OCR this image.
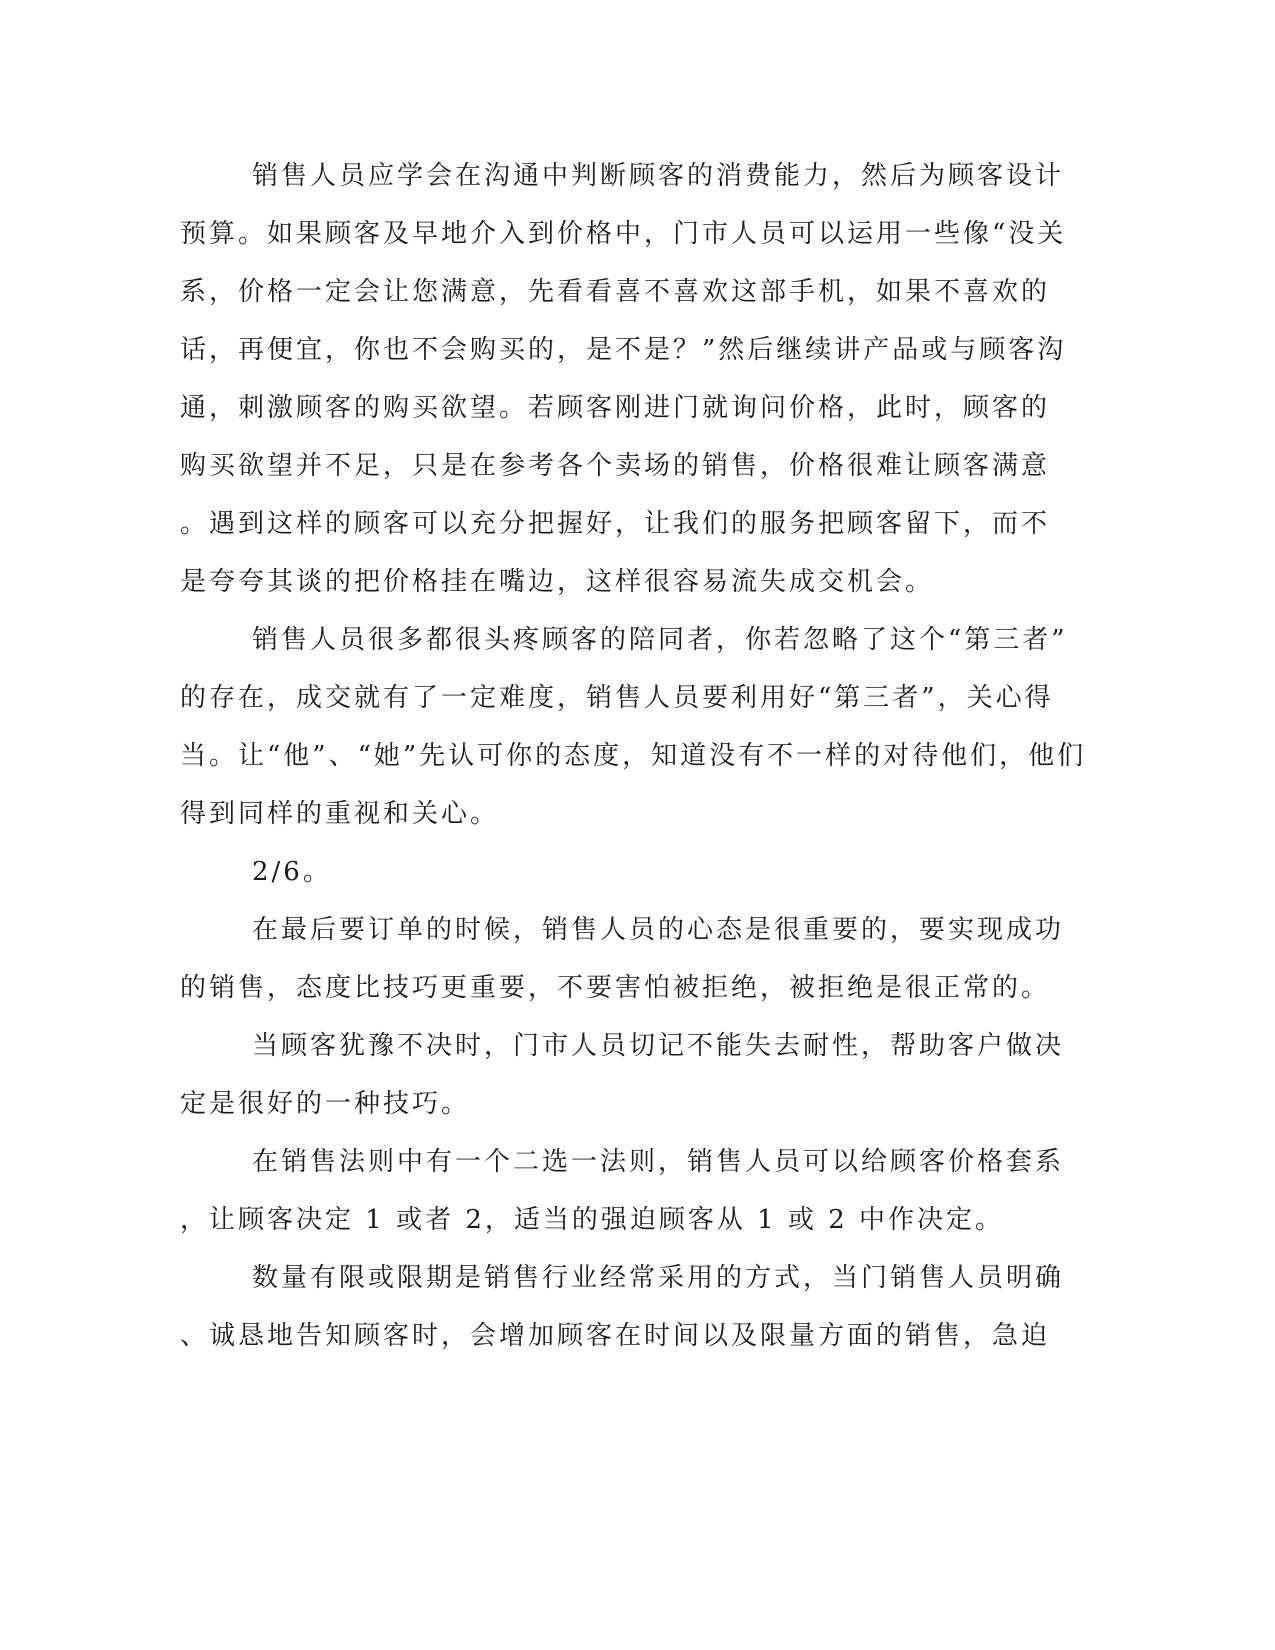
销售人员应学会在沟通中判断顾客的消费能力，然后为顾客设计
预算。如果顾客及早地介入到价格中，门市人员可以运用一些像“没关
系，价格一定会让您满意，先看看喜不喜欢这部手机，如果不喜欢的
话，再便宜，你也不会购买的，是不是？”然后继续讲产品或与顾客沟
通，刺激顾客的购买欲望。若顾客刚进门就询问价格，此时，顾客的
购买欲望并不足，只是在参考各个卖场的销售，价格很难让顾客满意
。遇到这样的顾客可以充分把握好，让我们的服务把顾客留下，而不
是夸夸其谈的把价格挂在嘴边，这样很容易流失成交机会。
销售人员很多都很头疼顾客的陪同者，你若忽略了这个“第三者”
的存在，成交就有了一定难度，销售人员要利用好“第三者”，关心得
当。让“他”、“她”先认可你的态度，知道没有不一样的对待他们，他们
得到同样的重视和关心。
2/6。
在最后要订单的时候，销售人员的心态是很重要的，要实现成功
的销售，态度比技巧更重要，不要害怕被拒绝，被拒绝是很正常的。
当顾客犹豫不决时，门市人员切记不能失去耐性，帮助客户做决
定是很好的一种技巧。
在销售法则中有一个二选一法则，销售人员可以给顾客价格套系
，让顾客决定 1 或者 2，适当的强迫顾客从 1 或 2 中作决定。
数量有限或限期是销售行业经常采用的方式，当门销售人员明确
、诚恳地告知顾客时，会增加顾客在时间以及限量方面的销售，急迫
